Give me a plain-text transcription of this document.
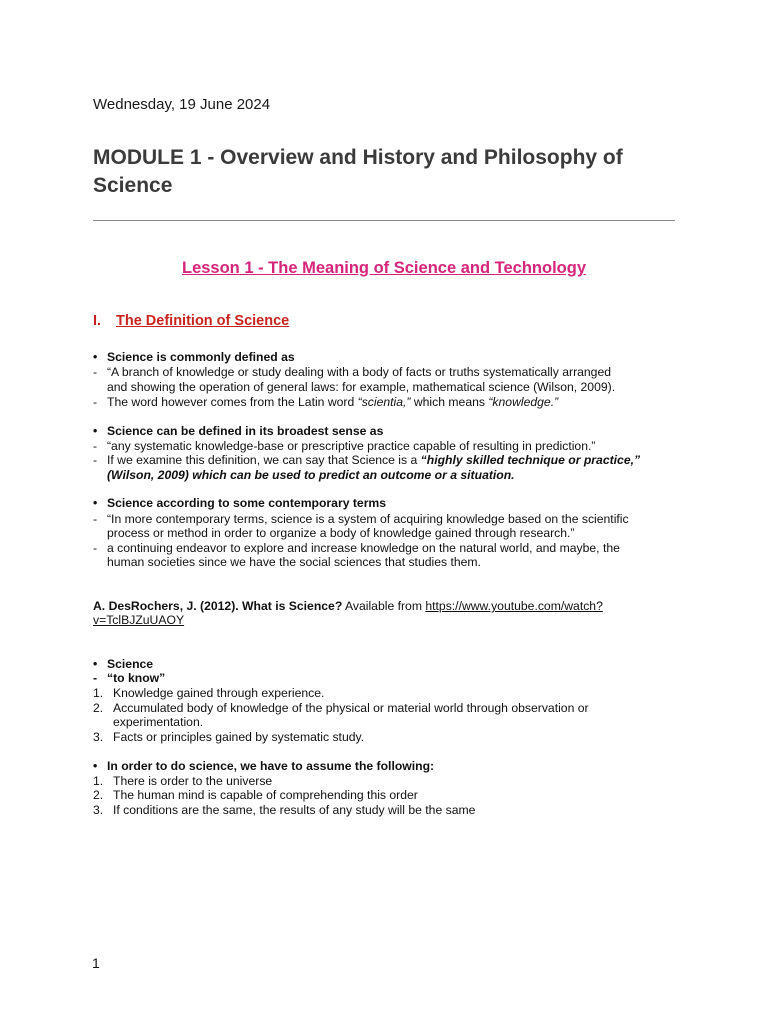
Wednesday, 19 June 2024
MODULE 1 - Overview and History and Philosophy of Science
Lesson 1 - The Meaning of Science and Technology
I. The Definition of Science
• Science is commonly defined as
- “A branch of knowledge or study dealing with a body of facts or truths systematically arranged
and showing the operation of general laws: for example, mathematical science (Wilson, 2009).
- The word however comes from the Latin word “scientia,” which means “knowledge.”
• Science can be defined in its broadest sense as
- “any systematic knowledge-base or prescriptive practice capable of resulting in prediction.”
- If we examine this definition, we can say that Science is a “highly skilled technique or practice,”
(Wilson, 2009) which can be used to predict an outcome or a situation.
• Science according to some contemporary terms
- “In more contemporary terms, science is a system of acquiring knowledge based on the scientific
process or method in order to organize a body of knowledge gained through research.”
- a continuing endeavor to explore and increase knowledge on the natural world, and maybe, the
human societies since we have the social sciences that studies them.
A. DesRochers, J. (2012). What is Science? Available from https://www.youtube.com/watch?
v=TclBJZuUAOY
• Science
- “to know”
1. Knowledge gained through experience.
2. Accumulated body of knowledge of the physical or material world through observation or
experimentation.
3. Facts or principles gained by systematic study.
• In order to do science, we have to assume the following:
1. There is order to the universe
2. The human mind is capable of comprehending this order
3. If conditions are the same, the results of any study will be the same
1
